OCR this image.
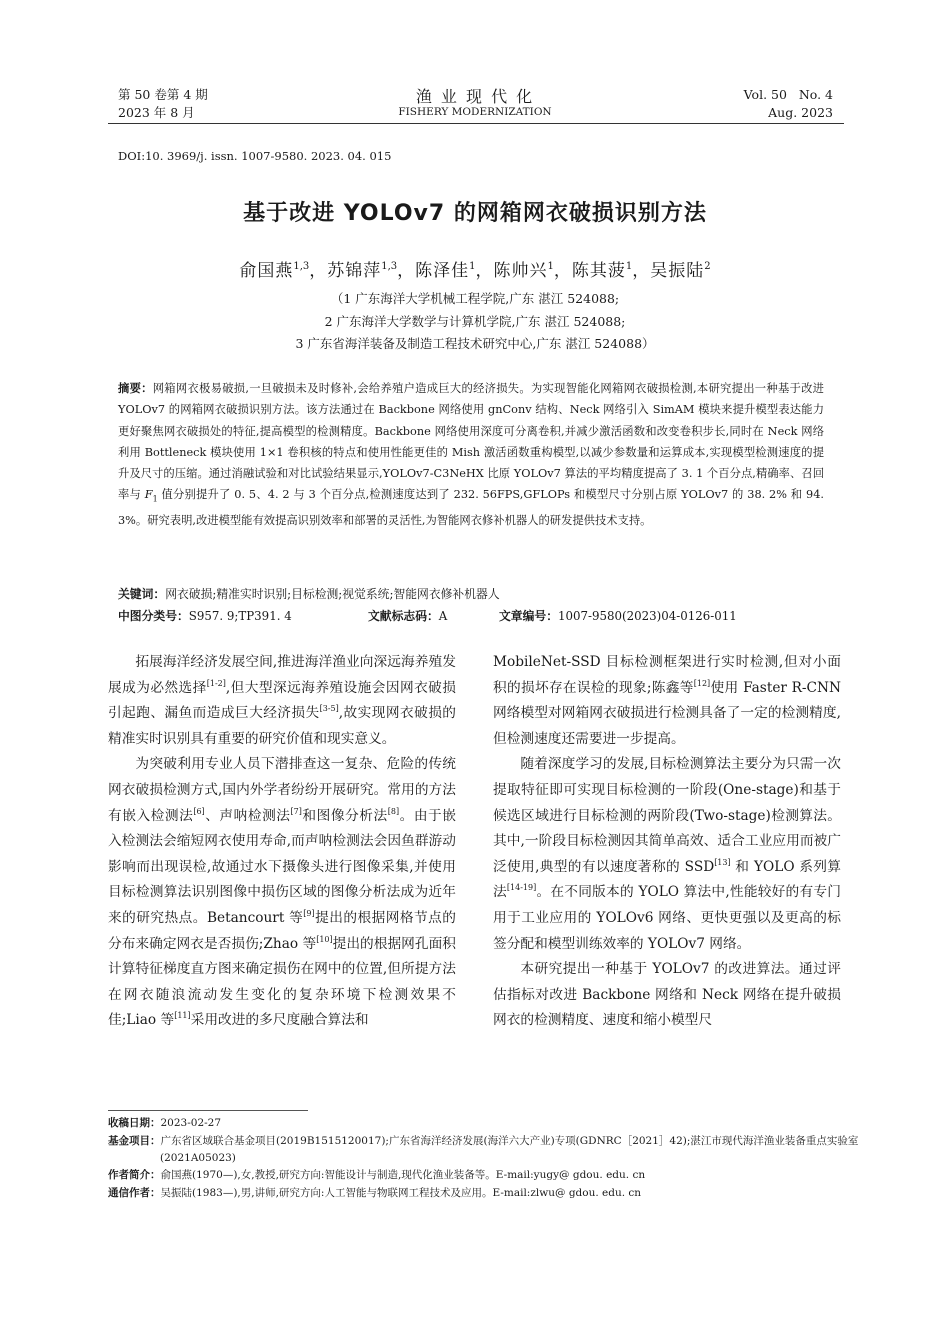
第 50 卷第 4 期
2023 年 8 月
渔 业 现 代 化
FISHERY MODERNIZATION
Vol. 50   No. 4
Aug. 2023
DOI:10. 3969/j. issn. 1007-9580. 2023. 04. 015
基于改进 YOLOv7 的网箱网衣破损识别方法
俞国燕$^{1,3}$，苏锦萍$^{1,3}$，陈泽佳$^1$，陈帅兴$^1$，陈其菠$^1$，吴振陆$^2$
（1 广东海洋大学机械工程学院,广东 湛江 524088;
2 广东海洋大学数学与计算机学院,广东 湛江 524088;
3 广东省海洋装备及制造工程技术研究中心,广东 湛江 524088）
摘要：网箱网衣极易破损,一旦破损未及时修补,会给养殖户造成巨大的经济损失。为实现智能化网箱网衣破损检测,本研究提出一种基于改进 YOLOv7 的网箱网衣破损识别方法。该方法通过在 Backbone 网络使用 gnConv 结构、Neck 网络引入 SimAM 模块来提升模型表达能力更好聚焦网衣破损处的特征,提高模型的检测精度。Backbone 网络使用深度可分离卷积,并减少激活函数和改变卷积步长,同时在 Neck 网络利用 Bottleneck 模块使用 1×1 卷积核的特点和使用性能更佳的 Mish 激活函数重构模型,以减少参数量和运算成本,实现模型检测速度的提升及尺寸的压缩。通过消融试验和对比试验结果显示,YOLOv7-C3NeHX 比原 YOLOv7 算法的平均精度提高了 3. 1 个百分点,精确率、召回率与 $F_1$ 值分别提升了 0. 5、4. 2 与 3 个百分点,检测速度达到了 232. 56FPS,GFLOPs 和模型尺寸分别占原 YOLOv7 的 38. 2% 和 94. 3%。研究表明,改进模型能有效提高识别效率和部署的灵活性,为智能网衣修补机器人的研发提供技术支持。
关键词：网衣破损;精准实时识别;目标检测;视觉系统;智能网衣修补机器人
中图分类号：S957. 9;TP391. 4	文献标志码：A	文章编号：1007-9580(2023)04-0126-011

拓展海洋经济发展空间,推进海洋渔业向深远海养殖发展成为必然选择[1-2],但大型深远海养殖设施会因网衣破损引起跑、漏鱼而造成巨大经济损失[3-5],故实现网衣破损的精准实时识别具有重要的研究价值和现实意义。

为突破利用专业人员下潜排查这一复杂、危险的传统网衣破损检测方式,国内外学者纷纷开展研究。常用的方法有嵌入检测法[6]、声呐检测法[7]和图像分析法[8]。由于嵌入检测法会缩短网衣使用寿命,而声呐检测法会因鱼群游动影响而出现误检,故通过水下摄像头进行图像采集,并使用目标检测算法识别图像中损伤区域的图像分析法成为近年来的研究热点。Betancourt 等[9]提出的根据网格节点的分布来确定网衣是否损伤;Zhao 等[10]提出的根据网孔面积计算特征梯度直方图来确定损伤在网中的位置,但所提方法在网衣随浪流动发生变化的复杂环境下检测效果不佳;Liao 等[11]采用改进的多尺度融合算法和

MobileNet-SSD 目标检测框架进行实时检测,但对小面积的损坏存在误检的现象;陈鑫等[12]使用 Faster R-CNN 网络模型对网箱网衣破损进行检测具备了一定的检测精度,但检测速度还需要进一步提高。

随着深度学习的发展,目标检测算法主要分为只需一次提取特征即可实现目标检测的一阶段(One-stage)和基于候选区域进行目标检测的两阶段(Two-stage)检测算法。其中,一阶段目标检测因其简单高效、适合工业应用而被广泛使用,典型的有以速度著称的 SSD[13] 和 YOLO 系列算法[14-19]。在不同版本的 YOLO 算法中,性能较好的有专门用于工业应用的 YOLOv6 网络、更快更强以及更高的标签分配和模型训练效率的 YOLOv7 网络。

本研究提出一种基于 YOLOv7 的改进算法。通过评估指标对改进 Backbone 网络和 Neck 网络在提升破损网衣的检测精度、速度和缩小模型尺

收稿日期：2023-02-27
基金项目：广东省区域联合基金项目(2019B1515120017);广东省海洋经济发展(海洋六大产业)专项(GDNRC［2021］42);湛江市现代海洋渔业装备重点实验室(2021A05023)
作者简介：俞国燕(1970—),女,教授,研究方向:智能设计与制造,现代化渔业装备等。E-mail:yugy@ gdou. edu. cn
通信作者：吴振陆(1983—),男,讲师,研究方向:人工智能与物联网工程技术及应用。E-mail:zlwu@ gdou. edu. cn
